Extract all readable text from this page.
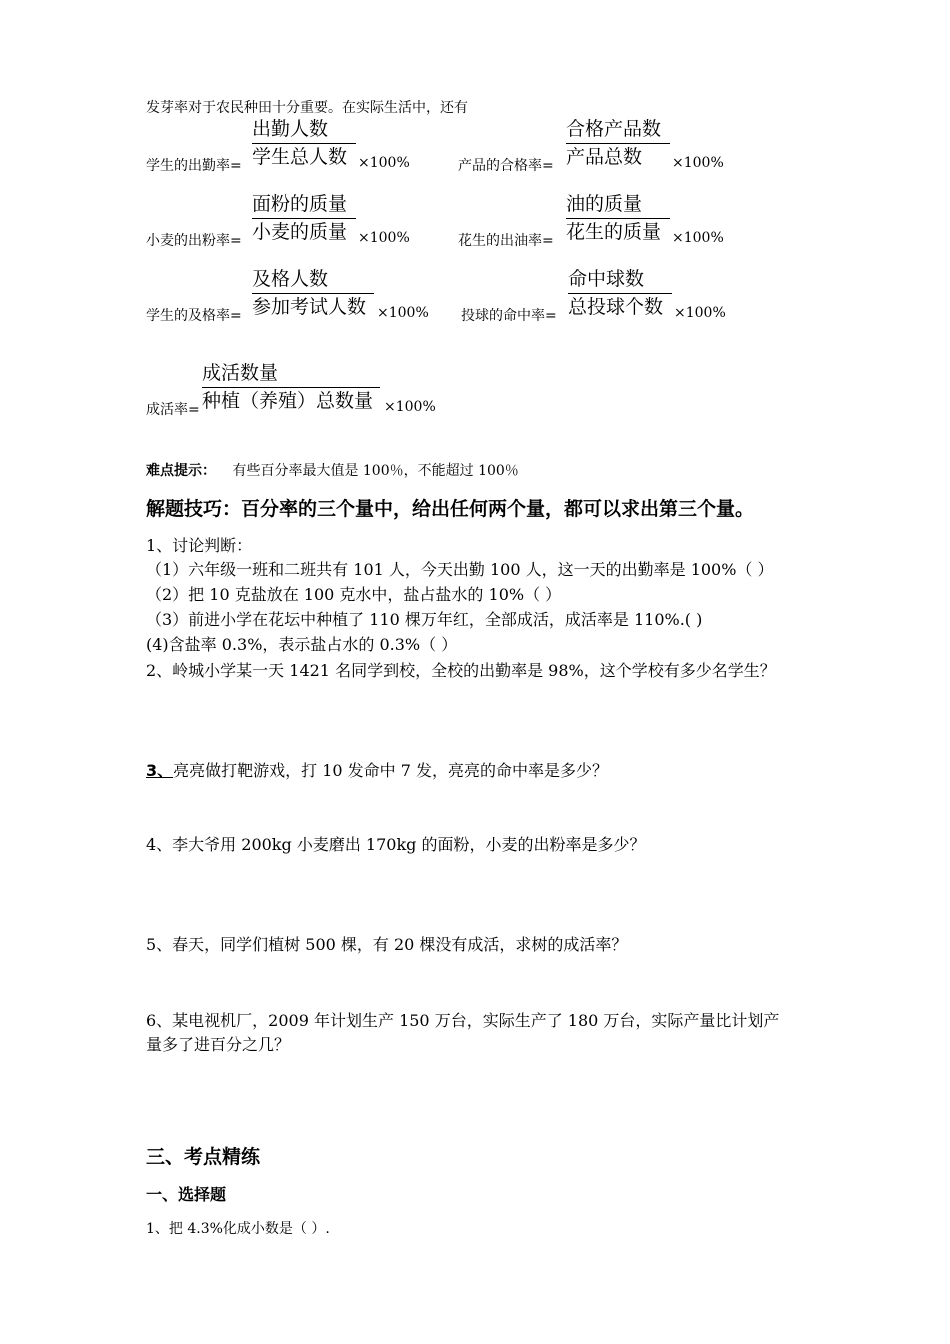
发芽率对于农民种田十分重要。在实际生活中，还有
学生的出勤率=
出勤人数
学生总人数 ×100%	产品的合格率=
合格产品数
产品总数	×100%
小麦的出粉率=
面粉的质量
小麦的质量 ×100%	花生的出油率=
油的质量
花生的质量 ×100%
学生的及格率=
及格人数
参加考试人数 ×100% 投球的命中率=
命中球数
总投球个数 ×100%
成活率=
成活数量
种植（养殖）总数量 ×100%
难点提示： 有些百分率最大值是 100％，不能超过 100％
解题技巧：百分率的三个量中，给出任何两个量，都可以求出第三个量。
1、讨论判断：
（1）六年级一班和二班共有 101 人，今天出勤 100 人，这一天的出勤率是 100%（ ）
（2）把 10 克盐放在 100 克水中，盐占盐水的 10%（ ）
（3）前进小学在花坛中种植了 110 棵万年红，全部成活，成活率是 110%.( )
(4)含盐率 0.3%，表示盐占水的 0.3%（ ）
2、岭城小学某一天 1421 名同学到校，全校的出勤率是 98%，这个学校有多少名学生？
3、亮亮做打靶游戏，打 10 发命中 7 发，亮亮的命中率是多少？
4、李大爷用 200kg 小麦磨出 170kg 的面粉，小麦的出粉率是多少？
5、春天，同学们植树 500 棵，有 20 棵没有成活，求树的成活率？
6、某电视机厂，2009 年计划生产 150 万台，实际生产了 180 万台，实际产量比计划产
量多了进百分之几？
三、考点精练
一、选择题
1、把 4.3%化成小数是（ ）.
